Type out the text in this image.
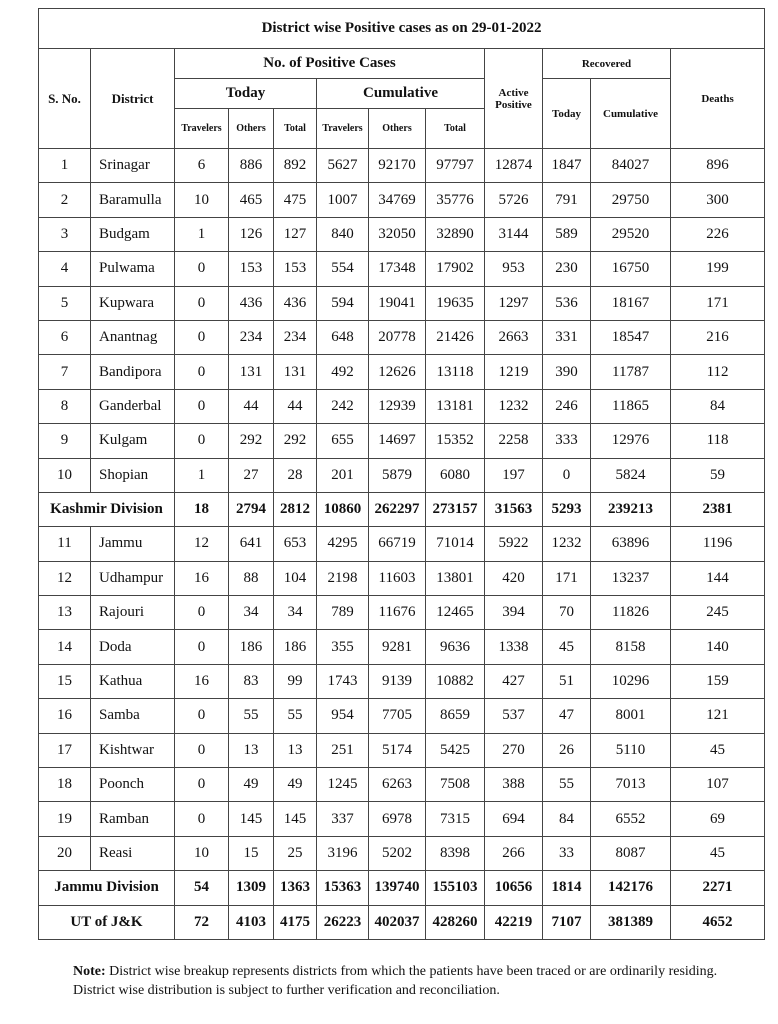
District wise Positive cases as on 29-01-2022											
S. No.	District	No. of Positive Cases						Active Positive	Recovered		Deaths
		Today			Cumulative				Today	Cumulative	
		Travelers	Others	Total	Travelers	Others	Total				
1	Srinagar	6	886	892	5627	92170	97797	12874	1847	84027	896
2	Baramulla	10	465	475	1007	34769	35776	5726	791	29750	300
3	Budgam	1	126	127	840	32050	32890	3144	589	29520	226
4	Pulwama	0	153	153	554	17348	17902	953	230	16750	199
5	Kupwara	0	436	436	594	19041	19635	1297	536	18167	171
6	Anantnag	0	234	234	648	20778	21426	2663	331	18547	216
7	Bandipora	0	131	131	492	12626	13118	1219	390	11787	112
8	Ganderbal	0	44	44	242	12939	13181	1232	246	11865	84
9	Kulgam	0	292	292	655	14697	15352	2258	333	12976	118
10	Shopian	1	27	28	201	5879	6080	197	0	5824	59
Kashmir Division		18	2794	2812	10860	262297	273157	31563	5293	239213	2381
11	Jammu	12	641	653	4295	66719	71014	5922	1232	63896	1196
12	Udhampur	16	88	104	2198	11603	13801	420	171	13237	144
13	Rajouri	0	34	34	789	11676	12465	394	70	11826	245
14	Doda	0	186	186	355	9281	9636	1338	45	8158	140
15	Kathua	16	83	99	1743	9139	10882	427	51	10296	159
16	Samba	0	55	55	954	7705	8659	537	47	8001	121
17	Kishtwar	0	13	13	251	5174	5425	270	26	5110	45
18	Poonch	0	49	49	1245	6263	7508	388	55	7013	107
19	Ramban	0	145	145	337	6978	7315	694	84	6552	69
20	Reasi	10	15	25	3196	5202	8398	266	33	8087	45
Jammu Division		54	1309	1363	15363	139740	155103	10656	1814	142176	2271
UT of J&K		72	4103	4175	26223	402037	428260	42219	7107	381389	4652
Note: District wise breakup represents districts from which the patients have been traced or are ordinarily residing. District wise distribution is subject to further verification and reconciliation.
